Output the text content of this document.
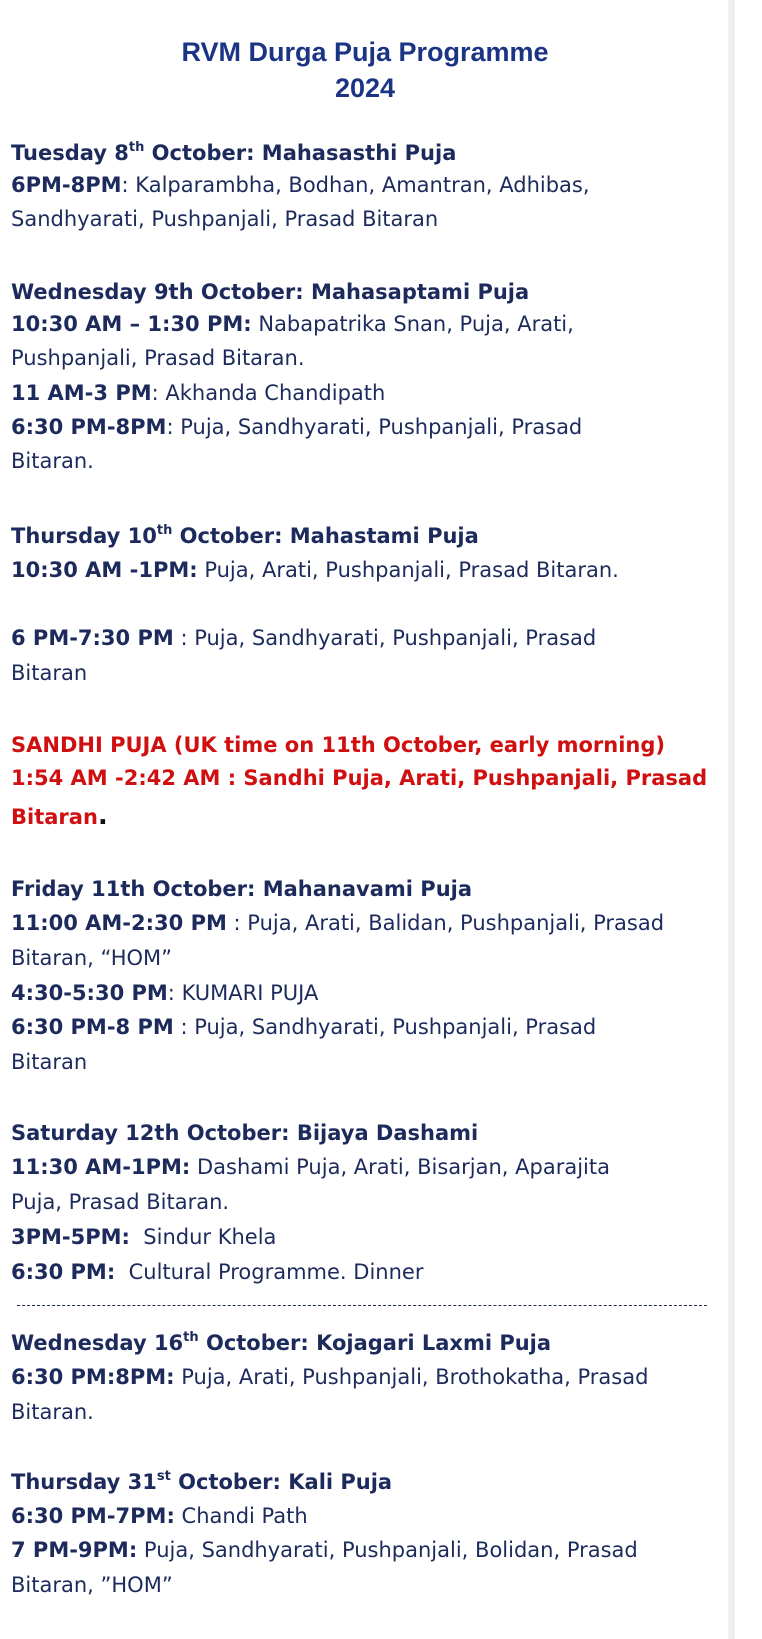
RVM Durga Puja Programme
2024
Tuesday 8th October: Mahasasthi Puja
6PM-8PM: Kalparambha, Bodhan, Amantran, Adhibas,
Sandhyarati, Pushpanjali, Prasad Bitaran
Wednesday 9th October: Mahasaptami Puja
10:30 AM – 1:30 PM: Nabapatrika Snan, Puja, Arati,
Pushpanjali, Prasad Bitaran.
11 AM-3 PM: Akhanda Chandipath
6:30 PM-8PM: Puja, Sandhyarati, Pushpanjali, Prasad
Bitaran.
Thursday 10th October: Mahastami Puja
10:30 AM -1PM: Puja, Arati, Pushpanjali, Prasad Bitaran.
6 PM-7:30 PM : Puja, Sandhyarati, Pushpanjali, Prasad
Bitaran
SANDHI PUJA (UK time on 11th October, early morning)
1:54 AM -2:42 AM : Sandhi Puja, Arati, Pushpanjali, Prasad
Bitaran.
Friday 11th October: Mahanavami Puja
11:00 AM-2:30 PM : Puja, Arati, Balidan, Pushpanjali, Prasad
Bitaran, “HOM”
4:30-5:30 PM: KUMARI PUJA
6:30 PM-8 PM : Puja, Sandhyarati, Pushpanjali, Prasad
Bitaran
Saturday 12th October: Bijaya Dashami
11:30 AM-1PM: Dashami Puja, Arati, Bisarjan, Aparajita
Puja, Prasad Bitaran.
3PM-5PM: Sindur Khela
6:30 PM: Cultural Programme. Dinner
Wednesday 16th October: Kojagari Laxmi Puja
6:30 PM:8PM: Puja, Arati, Pushpanjali, Brothokatha, Prasad
Bitaran.
Thursday 31st October: Kali Puja
6:30 PM-7PM: Chandi Path
7 PM-9PM: Puja, Sandhyarati, Pushpanjali, Bolidan, Prasad
Bitaran, ”HOM”
